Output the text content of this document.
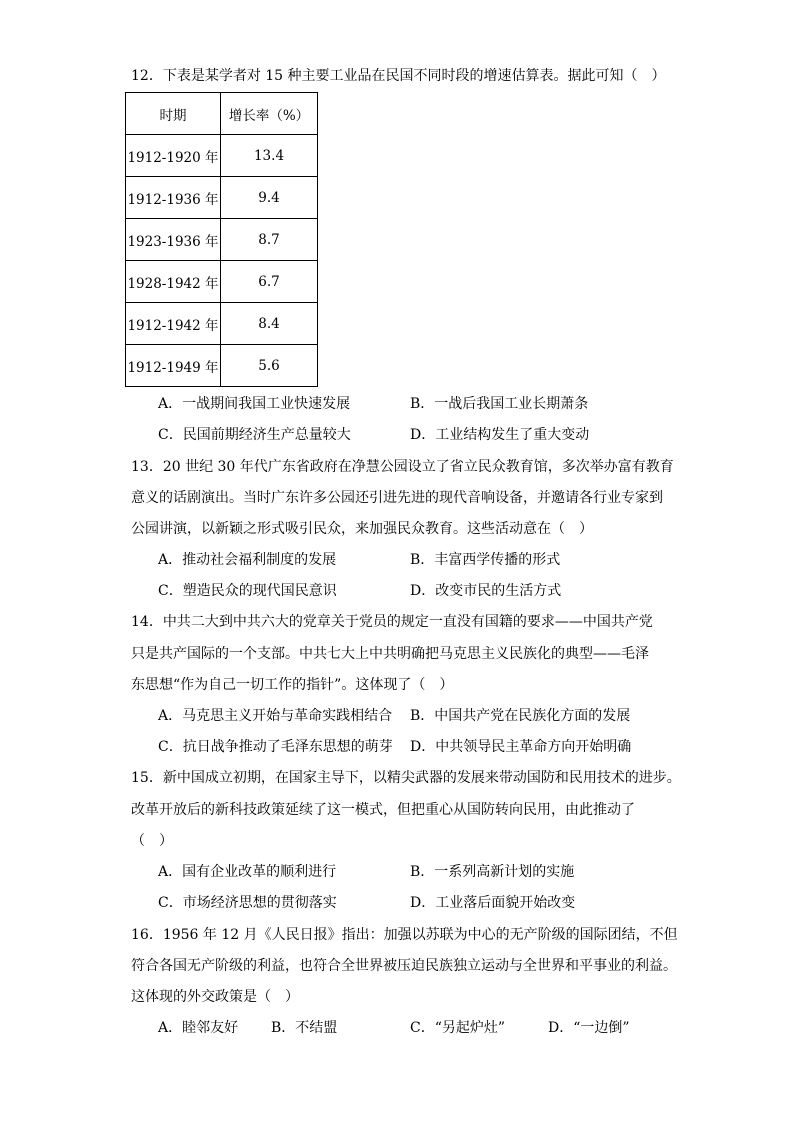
12．下表是某学者对 15 种主要工业品在民国不同时段的增速估算表。据此可知（　）
时期	增长率（%）
1912-1920 年	13.4
1912-1936 年	9.4
1923-1936 年	8.7
1928-1942 年	6.7
1912-1942 年	8.4
1912-1949 年	5.6
A．一战期间我国工业快速发展	B．一战后我国工业长期萧条
C．民国前期经济生产总量较大	D．工业结构发生了重大变动
13．20 世纪 30 年代广东省政府在净慧公园设立了省立民众教育馆，多次举办富有教育
意义的话剧演出。当时广东许多公园还引进先进的现代音响设备，并邀请各行业专家到
公园讲演，以新颖之形式吸引民众，来加强民众教育。这些活动意在（　）
A．推动社会福利制度的发展	B．丰富西学传播的形式
C．塑造民众的现代国民意识	D．改变市民的生活方式
14．中共二大到中共六大的党章关于党员的规定一直没有国籍的要求——中国共产党
只是共产国际的一个支部。中共七大上中共明确把马克思主义民族化的典型——毛泽
东思想“作为自己一切工作的指针”。这体现了（　）
A．马克思主义开始与革命实践相结合 B．中国共产党在民族化方面的发展
C．抗日战争推动了毛泽东思想的萌芽 D．中共领导民主革命方向开始明确
15．新中国成立初期，在国家主导下，以精尖武器的发展来带动国防和民用技术的进步。
改革开放后的新科技政策延续了这一模式，但把重心从国防转向民用，由此推动了
（　）
A．国有企业改革的顺利进行	B．一系列高新计划的实施
C．市场经济思想的贯彻落实	D．工业落后面貌开始改变
16．1956 年 12 月《人民日报》指出：加强以苏联为中心的无产阶级的国际团结，不但
符合各国无产阶级的利益，也符合全世界被压迫民族独立运动与全世界和平事业的利益。
这体现的外交政策是（　）
A．睦邻友好 B．不结盟	C．“另起炉灶”	D．“一边倒”
